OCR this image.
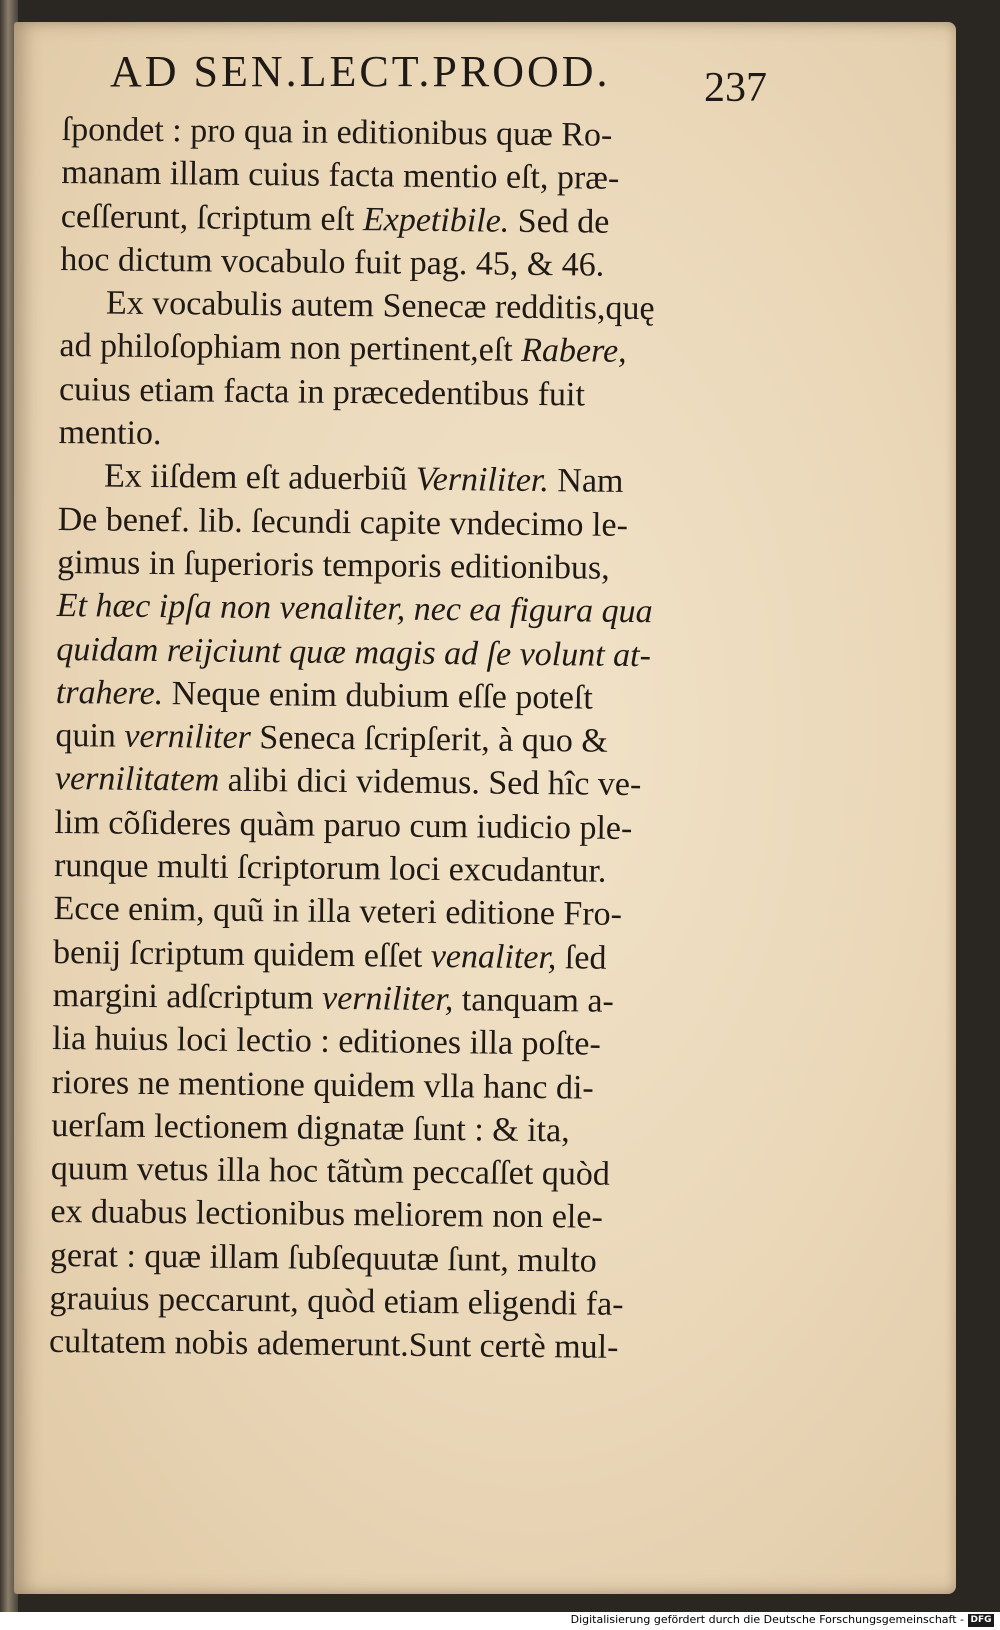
AD SEN.LECT.PROOD.	237
ſpondet : pro qua in editionibus quæ Ro-
manam illam cuius facta mentio eſt, præ-
ceſſerunt, ſcriptum eſt Expetibile. Sed de
hoc dictum vocabulo fuit pag. 45, & 46.
Ex vocabulis autem Senecæ redditis,quę
ad philoſophiam non pertinent,eſt Rabere,
cuius etiam facta in præcedentibus fuit
mentio.
Ex iiſdem eſt aduerbiũ Verniliter. Nam
De benef. lib. ſecundi capite vndecimo le-
gimus in ſuperioris temporis editionibus,
Et hæc ipſa non venaliter, nec ea figura qua
quidam reijciunt quæ magis ad ſe volunt at-
trahere. Neque enim dubium eſſe poteſt
quin verniliter Seneca ſcripſerit, à quo &
vernilitatem alibi dici videmus. Sed hîc ve-
lim cõſideres quàm paruo cum iudicio ple-
runque multi ſcriptorum loci excudantur.
Ecce enim, quũ in illa veteri editione Fro-
benij ſcriptum quidem eſſet venaliter, ſed
margini adſcriptum verniliter, tanquam a-
lia huius loci lectio : editiones illa poſte-
riores ne mentione quidem vlla hanc di-
uerſam lectionem dignatæ ſunt : & ita,
quum vetus illa hoc tãtùm peccaſſet quòd
ex duabus lectionibus meliorem non ele-
gerat : quæ illam ſubſequutæ ſunt, multo
grauius peccarunt, quòd etiam eligendi fa-
cultatem nobis ademerunt.Sunt certè mul-
Digitalisierung gefördert durch die Deutsche Forschungsgemeinschaft - DFG
